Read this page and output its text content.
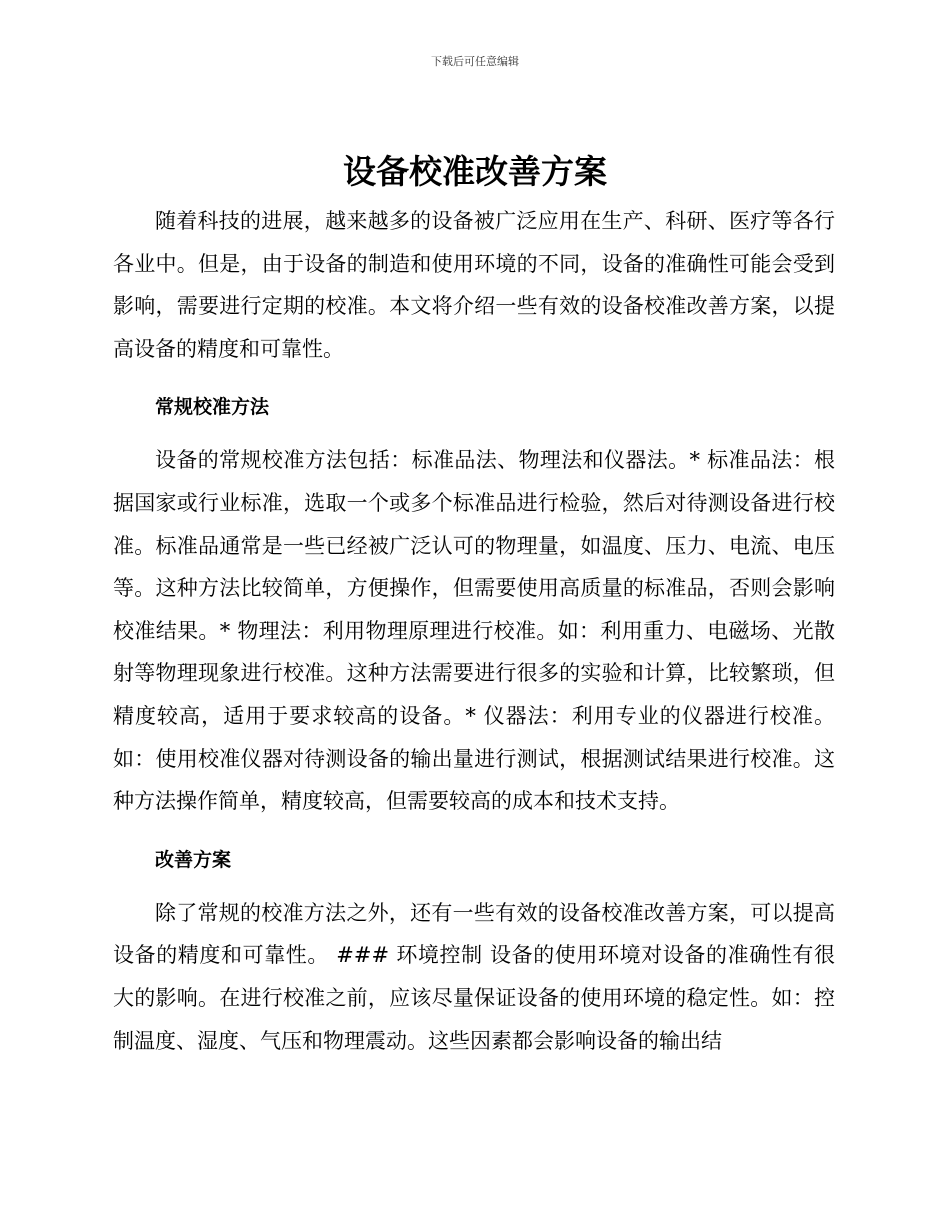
下载后可任意编辑
设备校准改善方案

随着科技的进展，越来越多的设备被广泛应用在生产、科研、医疗等各行各业中。但是，由于设备的制造和使用环境的不同，设备的准确性可能会受到影响，需要进行定期的校准。本文将介绍一些有效的设备校准改善方案，以提高设备的精度和可靠性。

常规校准方法

设备的常规校准方法包括：标准品法、物理法和仪器法。* 标准品法：根据国家或行业标准，选取一个或多个标准品进行检验，然后对待测设备进行校准。标准品通常是一些已经被广泛认可的物理量，如温度、压力、电流、电压等。这种方法比较简单，方便操作，但需要使用高质量的标准品，否则会影响校准结果。* 物理法：利用物理原理进行校准。如：利用重力、电磁场、光散射等物理现象进行校准。这种方法需要进行很多的实验和计算，比较繁琐，但精度较高，适用于要求较高的设备。* 仪器法：利用专业的仪器进行校准。如：使用校准仪器对待测设备的输出量进行测试，根据测试结果进行校准。这种方法操作简单，精度较高，但需要较高的成本和技术支持。

改善方案

除了常规的校准方法之外，还有一些有效的设备校准改善方案，可以提高设备的精度和可靠性。 ### 环境控制 设备的使用环境对设备的准确性有很大的影响。在进行校准之前，应该尽量保证设备的使用环境的稳定性。如：控制温度、湿度、气压和物理震动。这些因素都会影响设备的输出结
